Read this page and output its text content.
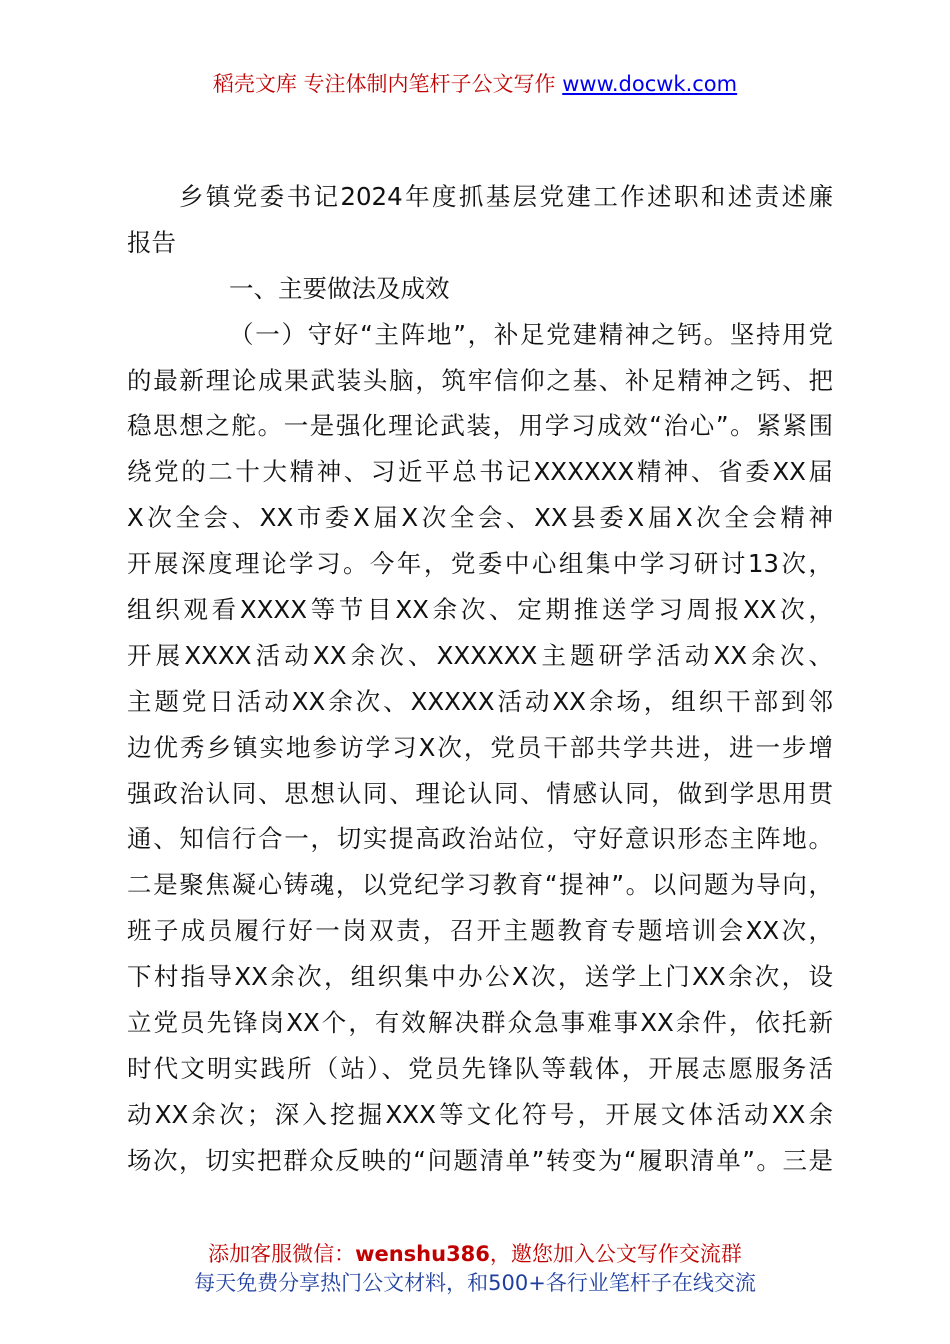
稻壳文库 专注体制内笔杆子公文写作 www.docwk.com
乡镇党委书记2024年度抓基层党建工作述职和述责述廉
报告
一、主要做法及成效
（一）守好“主阵地”，补足党建精神之钙。坚持用党
的最新理论成果武装头脑，筑牢信仰之基、补足精神之钙、把
稳思想之舵。一是强化理论武装，用学习成效“治心”。紧紧围
绕党的二十大精神、习近平总书记XXXXXX精神、省委XX届
X次全会、XX市委X届X次全会、XX县委X届X次全会精神
开展深度理论学习。今年，党委中心组集中学习研讨13次，
组织观看XXXX等节目XX余次、定期推送学习周报XX次，
开展XXXX活动XX余次、XXXXXX主题研学活动XX余次、
主题党日活动XX余次、XXXXX活动XX余场，组织干部到邻
边优秀乡镇实地参访学习X次，党员干部共学共进，进一步增
强政治认同、思想认同、理论认同、情感认同，做到学思用贯
通、知信行合一，切实提高政治站位，守好意识形态主阵地。
二是聚焦凝心铸魂，以党纪学习教育“提神”。以问题为导向，
班子成员履行好一岗双责，召开主题教育专题培训会XX次，
下村指导XX余次，组织集中办公X次，送学上门XX余次，设
立党员先锋岗XX个，有效解决群众急事难事XX余件，依托新
时代文明实践所（站）、党员先锋队等载体，开展志愿服务活
动XX余次；深入挖掘XXX等文化符号，开展文体活动XX余
场次，切实把群众反映的“问题清单”转变为“履职清单”。三是
添加客服微信：wenshu386，邀您加入公文写作交流群
每天免费分享热门公文材料，和500+各行业笔杆子在线交流
